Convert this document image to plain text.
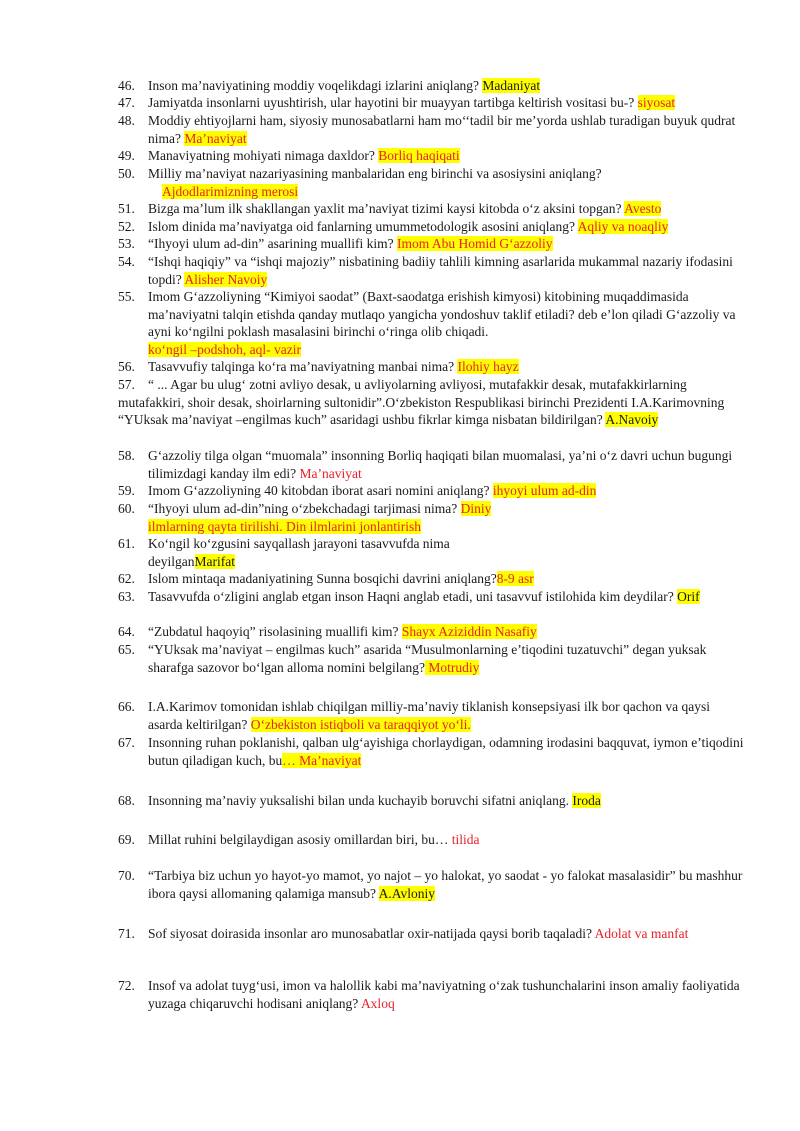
46. Inson ma’naviyatining moddiy voqelikdagi izlarini aniqlang? Madaniyat
47. Jamiyatda insonlarni uyushtirish, ular hayotini bir muayyan tartibga keltirish vositasi bu-? siyosat
48. Moddiy ehtiyojlarni ham, siyosiy munosabatlarni ham mo‘‘tadil bir me’yorda ushlab turadigan buyuk qudrat nima? Ma’naviyat
49. Manaviyatning mohiyati nimaga daxldor? Borliq haqiqati
50. Milliy ma’naviyat nazariyasining manbalaridan eng birinchi va asosiysini aniqlang?
Ajdodlarimizning merosi
51. Bizga ma’lum ilk shakllangan yaxlit ma’naviyat tizimi kaysi kitobda o‘z aksini topgan? Avesto
52. Islom dinida ma’naviyatga oid fanlarning umummetodologik asosini aniqlang? Aqliy va noaqliy
53. “Ihyoyi ulum ad-din” asarining muallifi kim? Imom Abu Homid G‘azzoliy
54. “Ishqi haqiqiy” va “ishqi majoziy” nisbatining badiiy tahlili kimning asarlarida mukammal nazariy ifodasini topdi? Alisher Navoiy
55. Imom G‘azzoliyning “Kimiyoi saodat” (Baxt-saodatga erishish kimyosi) kitobining muqaddimasida ma’naviyatni talqin etishda qanday mutlaqo yangicha yondoshuv taklif etiladi? deb e’lon qiladi G‘azzoliy va ayni ko‘ngilni poklash masalasini birinchi o‘ringa olib chiqadi.
ko‘ngil –podshoh, aql- vazir
56. Tasavvufiy talqinga ko‘ra ma’naviyatning manbai nima? Ilohiy hayz
57. “ ... Agar bu ulug‘ zotni avliyo desak, u avliyolarning avliyosi, mutafakkir desak, mutafakkirlarning mutafakkiri, shoir desak, shoirlarning sultonidir”.O‘zbekiston Respublikasi birinchi Prezidenti I.A.Karimovning “YUksak ma’naviyat –engilmas kuch” asaridagi ushbu fikrlar kimga nisbatan bildirilgan? A.Navoiy
58. G‘azzoliy tilga olgan “muomala” insonning Borliq haqiqati bilan muomalasi, ya’ni o‘z davri uchun bugungi tilimizdagi kanday ilm edi? Ma’naviyat
59. Imom G‘azzoliyning 40 kitobdan iborat asari nomini aniqlang? ihyoyi ulum ad-din
60. “Ihyoyi ulum ad-din”ning o‘zbekchadagi tarjimasi nima? Diniy
ilmlarning qayta tirilishi. Din ilmlarini jonlantirish
61. Ko‘ngil ko‘zgusini sayqallash jarayoni tasavvufda nima deyilganMarifat
62. Islom mintaqa madaniyatining Sunna bosqichi davrini aniqlang?8-9 asr
63. Tasavvufda o‘zligini anglab etgan inson Haqni anglab etadi, uni tasavvuf istilohida kim deydilar? Orif
64. “Zubdatul haqoyiq” risolasining muallifi kim? Shayx Aziziddin Nasafiy
65. “YUksak ma’naviyat – engilmas kuch” asarida “Musulmonlarning e’tiqodini tuzatuvchi” degan yuksak sharafga sazovor bo‘lgan alloma nomini belgilang? Motrudiy
66. I.A.Karimov tomonidan ishlab chiqilgan milliy-ma’naviy tiklanish konsepsiyasi ilk bor qachon va qaysi asarda keltirilgan? O‘zbekiston istiqboli va taraqqiyot yo‘li.
67. Insonning ruhan poklanishi, qalban ulg‘ayishiga chorlaydigan, odamning irodasini baqquvat, iymon e’tiqodini butun qiladigan kuch, bu… Ma’naviyat
68. Insonning ma’naviy yuksalishi bilan unda kuchayib boruvchi sifatni aniqlang. Iroda
69. Millat ruhini belgilaydigan asosiy omillardan biri, bu… tilida
70. “Tarbiya biz uchun yo hayot-yo mamot, yo najot – yo halokat, yo saodat - yo falokat masalasidir” bu mashhur ibora qaysi allomaning qalamiga mansub? A.Avloniy
71. Sof siyosat doirasida insonlar aro munosabatlar oxir-natijada qaysi borib taqaladi? Adolat va manfat
72. Insof va adolat tuyg‘usi, imon va halollik kabi ma’naviyatning o‘zak tushunchalarini inson amaliy faoliyatida yuzaga chiqaruvchi hodisani aniqlang? Axloq
